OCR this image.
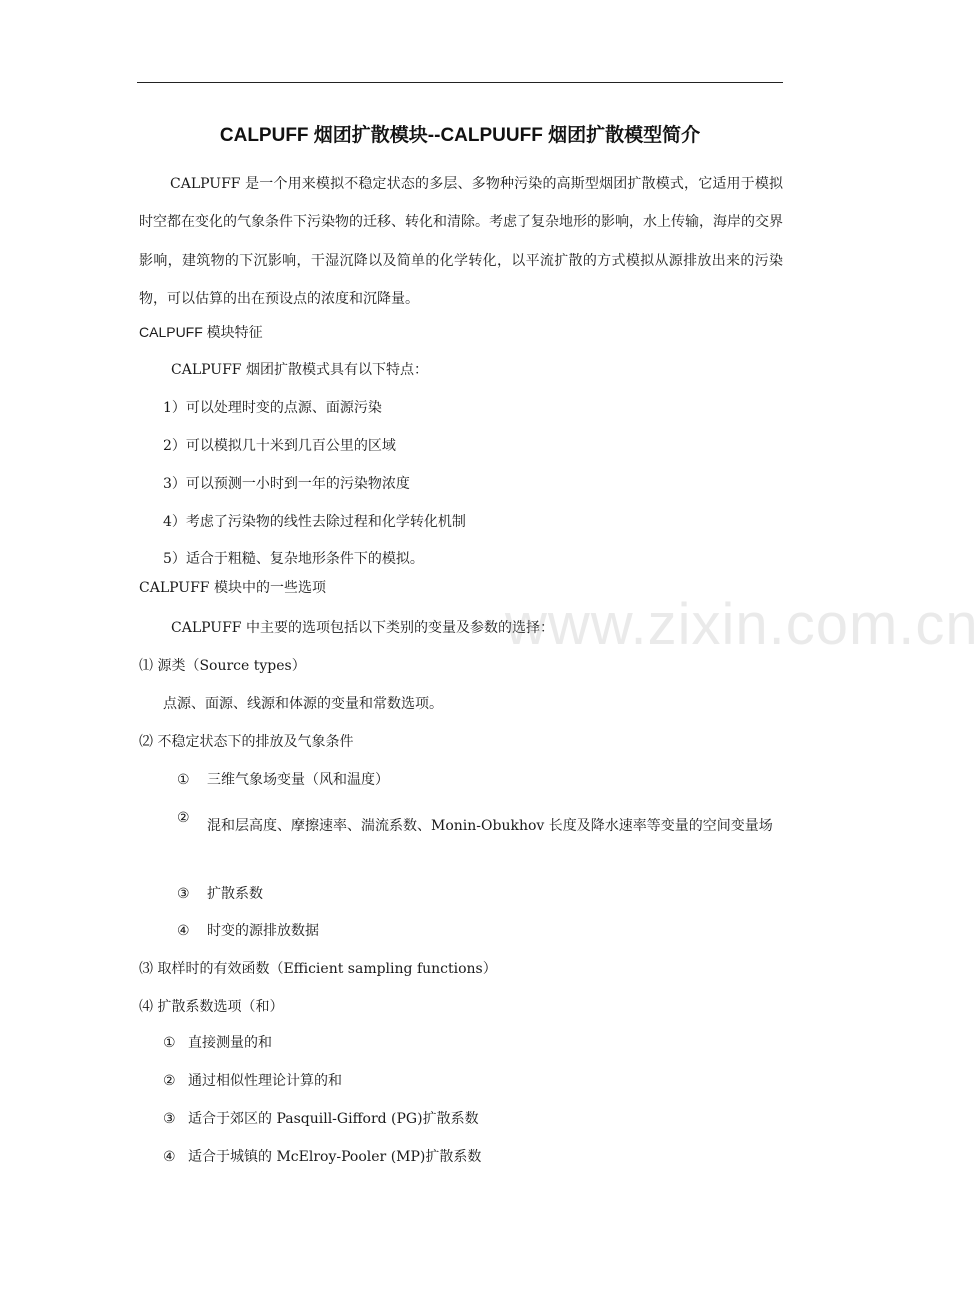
CALPUFF 烟团扩散模块--CALPUUFF 烟团扩散模型简介

CALPUFF 是一个用来模拟不稳定状态的多层、多物种污染的高斯型烟团扩散模式，它适用于模拟时空都在变化的气象条件下污染物的迁移、转化和清除。考虑了复杂地形的影响，水上传输，海岸的交界影响，建筑物的下沉影响，干湿沉降以及简单的化学转化，以平流扩散的方式模拟从源排放出来的污染物，可以估算的出在预设点的浓度和沉降量。

CALPUFF 模块特征

CALPUFF 烟团扩散模式具有以下特点：

1）可以处理时变的点源、面源污染

2）可以模拟几十米到几百公里的区域

3）可以预测一小时到一年的污染物浓度

4）考虑了污染物的线性去除过程和化学转化机制

5）适合于粗糙、复杂地形条件下的模拟。

CALPUFF 模块中的一些选项

CALPUFF 中主要的选项包括以下类别的变量及参数的选择：

⑴ 源类（Source types）

点源、面源、线源和体源的变量和常数选项。

⑵ 不稳定状态下的排放及气象条件

① 三维气象场变量（风和温度）

② 混和层高度、摩擦速率、湍流系数、Monin-Obukhov 长度及降水速率等变量的空间变量场

③ 扩散系数

④ 时变的源排放数据

⑶ 取样时的有效函数（Efficient sampling functions）

⑷ 扩散系数选项（和）

① 直接测量的和

② 通过相似性理论计算的和

③ 适合于郊区的 Pasquill-Gifford (PG)扩散系数

④ 适合于城镇的 McElroy-Pooler (MP)扩散系数

www.zixin.com.cn
